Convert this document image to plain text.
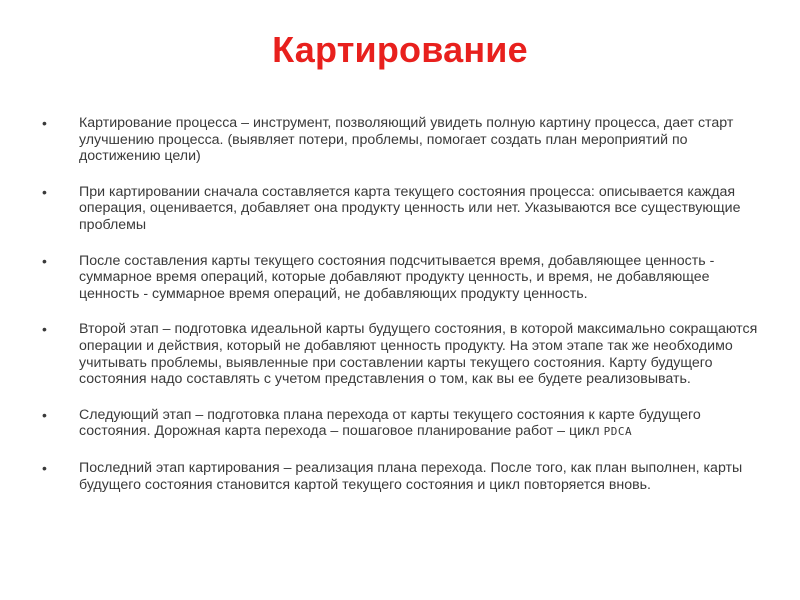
Картирование
• Картирование процесса – инструмент, позволяющий увидеть полную картину процесса, дает старт улучшению процесса. (выявляет потери, проблемы, помогает создать план мероприятий по достижению цели)
• При картировании сначала составляется карта текущего состояния процесса: описывается каждая операция, оценивается, добавляет она продукту ценность или нет. Указываются все существующие проблемы
• После составления карты текущего состояния подсчитывается время, добавляющее ценность - суммарное время операций, которые добавляют продукту ценность, и время, не добавляющее ценность - суммарное время операций, не добавляющих продукту ценность.
• Второй этап – подготовка идеальной карты будущего состояния, в которой максимально сокращаются операции и действия, который не добавляют ценность продукту. На этом этапе так же необходимо учитывать проблемы, выявленные при составлении карты текущего состояния. Карту будущего состояния надо составлять с учетом представления о том, как вы ее будете реализовывать.
• Следующий этап – подготовка плана перехода от карты текущего состояния к карте будущего состояния. Дорожная карта перехода – пошаговое планирование работ – цикл PDCA
• Последний этап картирования – реализация плана перехода. После того, как план выполнен, карты будущего состояния становится картой текущего состояния и цикл повторяется вновь.
